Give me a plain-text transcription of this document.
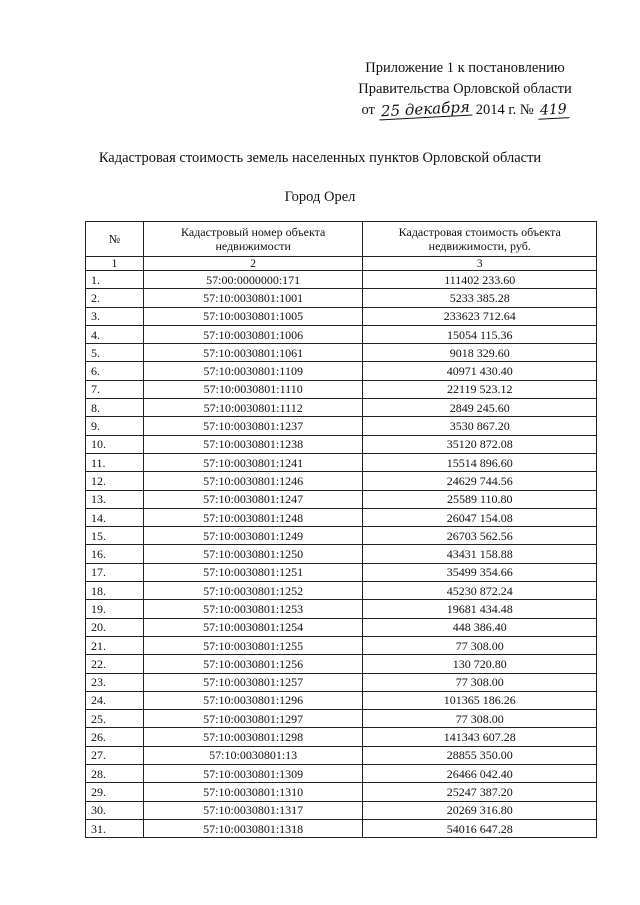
Приложение 1 к постановлению
Правительства Орловской области
от 25 декабря 2014 г. № 419
Кадастровая стоимость земель населенных пунктов Орловской области
Город Орел
№	Кадастровый номер объекта недвижимости	Кадастровая стоимость объекта недвижимости, руб.
1	2	3
1.	57:00:0000000:171	111402 233.60
2.	57:10:0030801:1001	5233 385.28
3.	57:10:0030801:1005	233623 712.64
4.	57:10:0030801:1006	15054 115.36
5.	57:10:0030801:1061	9018 329.60
6.	57:10:0030801:1109	40971 430.40
7.	57:10:0030801:1110	22119 523.12
8.	57:10:0030801:1112	2849 245.60
9.	57:10:0030801:1237	3530 867.20
10.	57:10:0030801:1238	35120 872.08
11.	57:10:0030801:1241	15514 896.60
12.	57:10:0030801:1246	24629 744.56
13.	57:10:0030801:1247	25589 110.80
14.	57:10:0030801:1248	26047 154.08
15.	57:10:0030801:1249	26703 562.56
16.	57:10:0030801:1250	43431 158.88
17.	57:10:0030801:1251	35499 354.66
18.	57:10:0030801:1252	45230 872.24
19.	57:10:0030801:1253	19681 434.48
20.	57:10:0030801:1254	448 386.40
21.	57:10:0030801:1255	77 308.00
22.	57:10:0030801:1256	130 720.80
23.	57:10:0030801:1257	77 308.00
24.	57:10:0030801:1296	101365 186.26
25.	57:10:0030801:1297	77 308.00
26.	57:10:0030801:1298	141343 607.28
27.	57:10:0030801:13	28855 350.00
28.	57:10:0030801:1309	26466 042.40
29.	57:10:0030801:1310	25247 387.20
30.	57:10:0030801:1317	20269 316.80
31.	57:10:0030801:1318	54016 647.28
